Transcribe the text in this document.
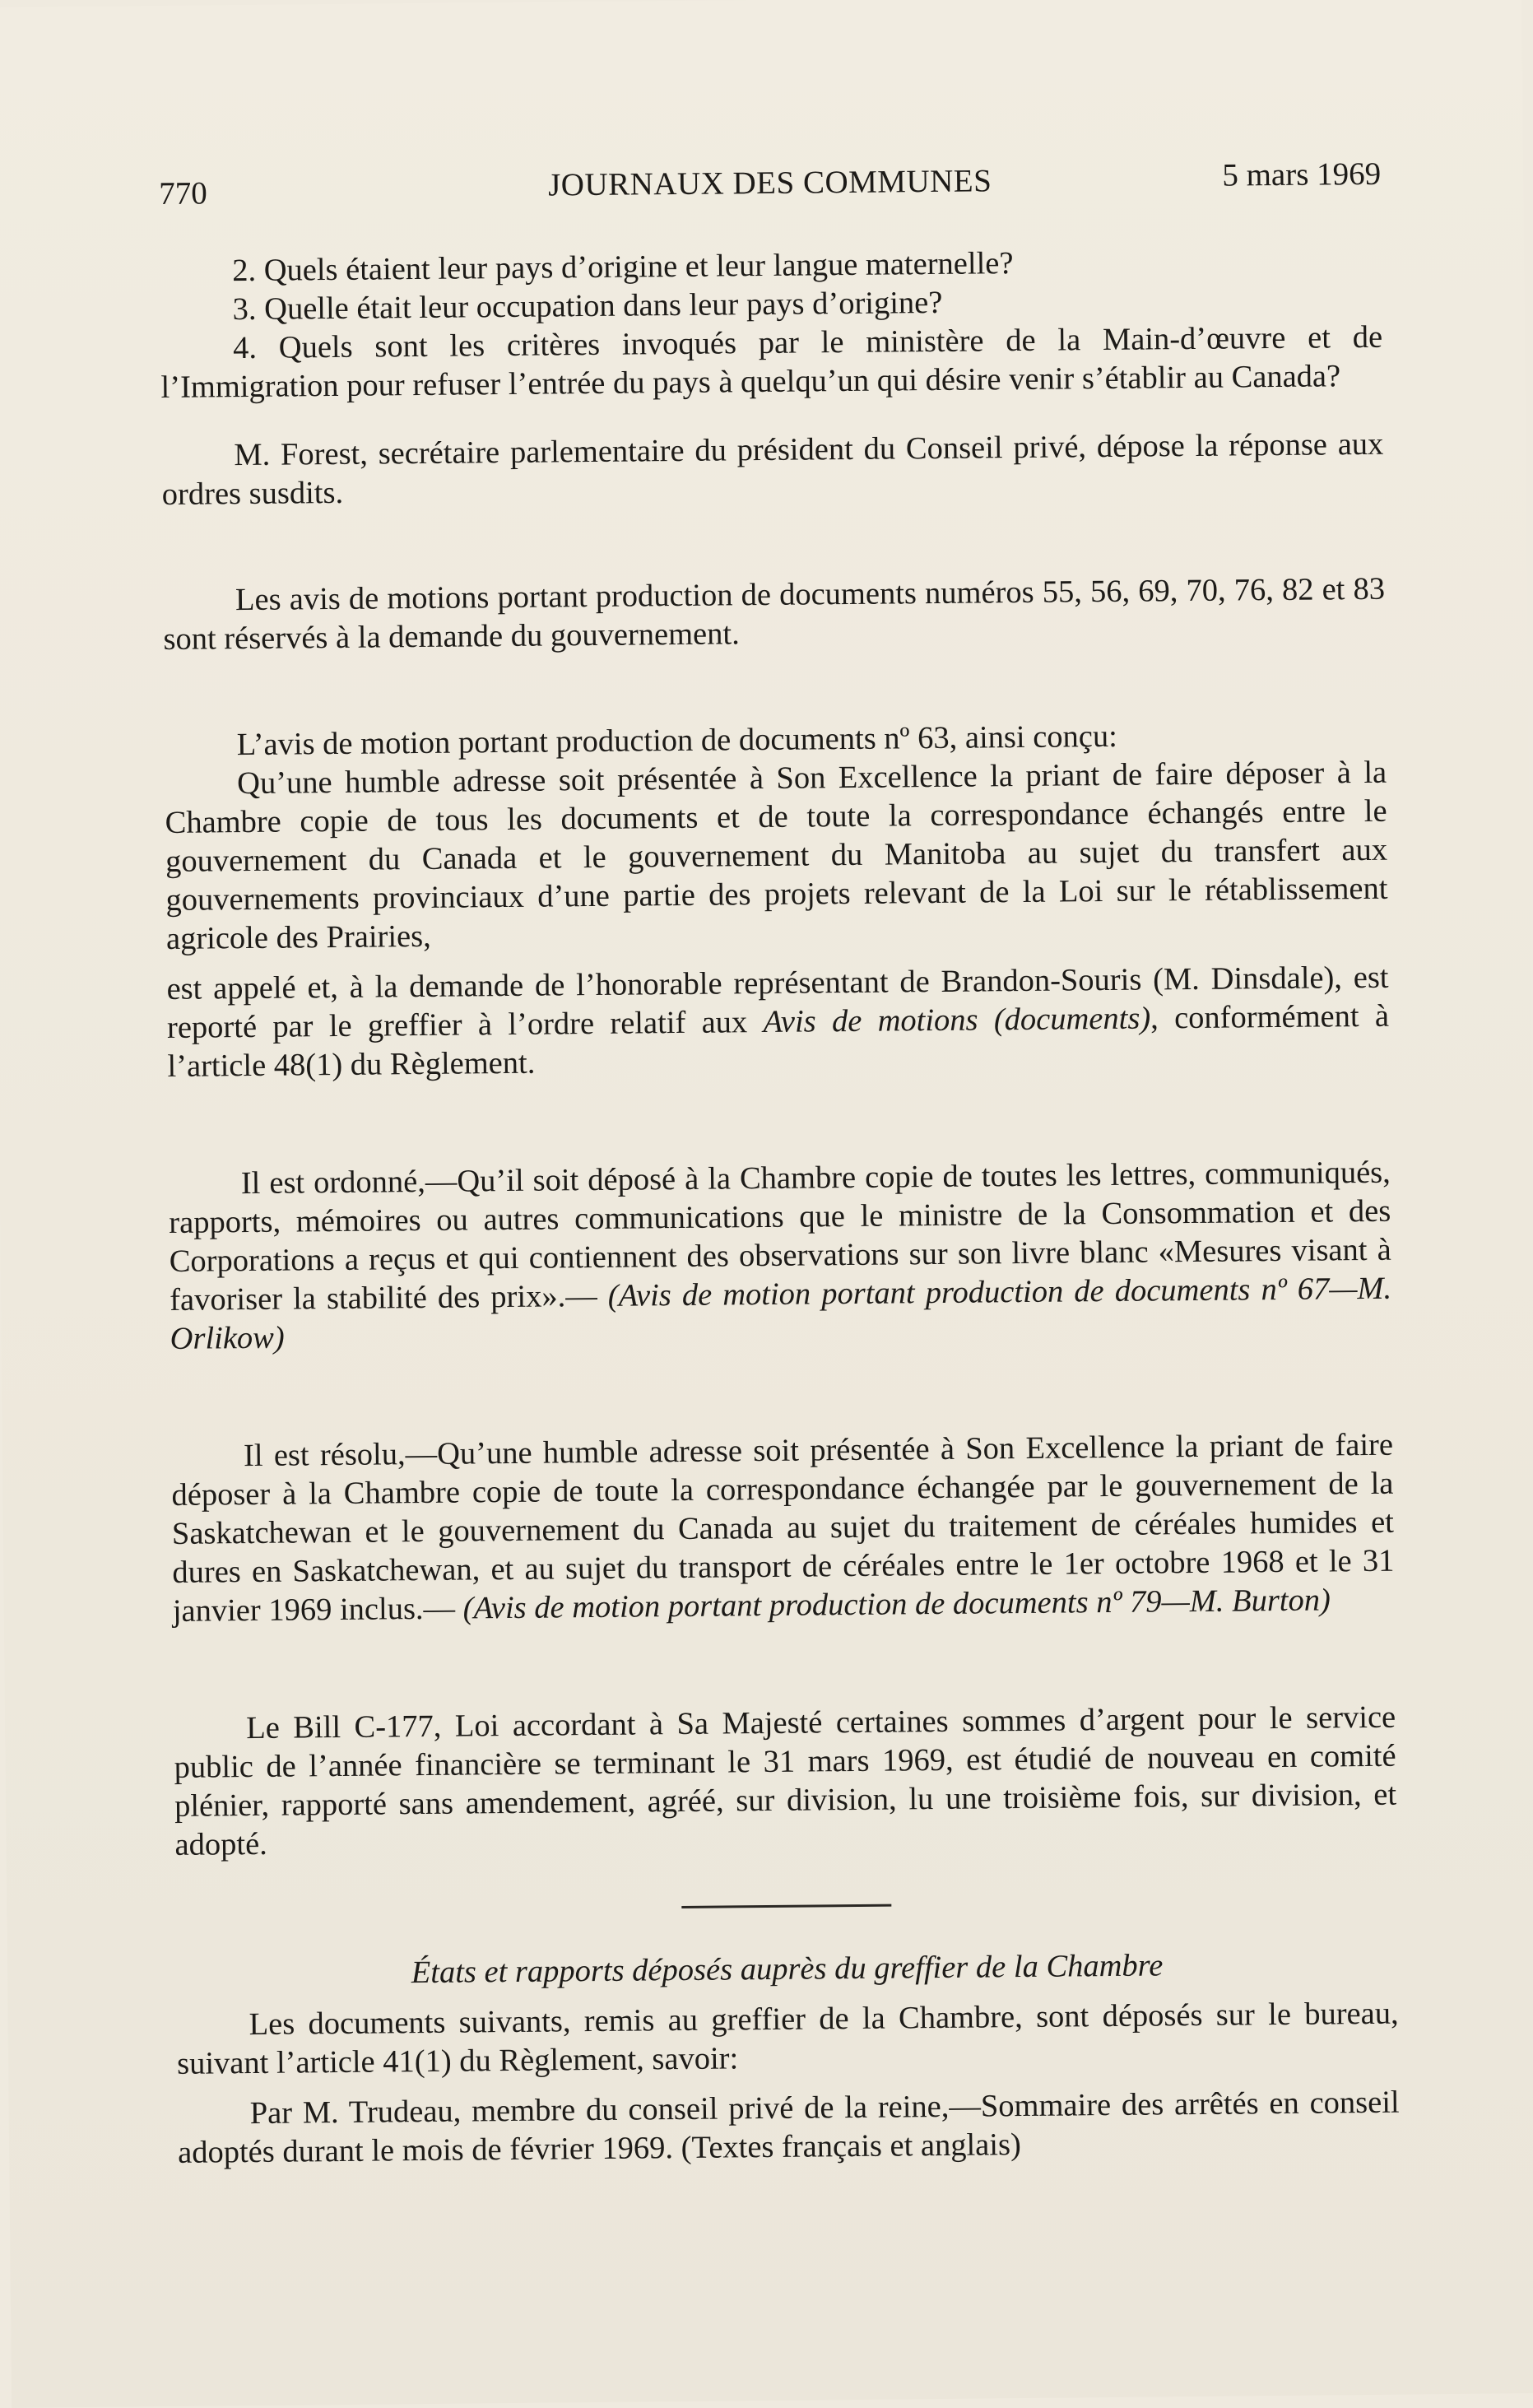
770	JOURNAUX DES COMMUNES	5 mars 1969

2. Quels étaient leur pays d’origine et leur langue maternelle?

3. Quelle était leur occupation dans leur pays d’origine?

4. Quels sont les critères invoqués par le ministère de la Main-d’œuvre et de l’Immigration pour refuser l’entrée du pays à quelqu’un qui désire venir s’établir au Canada?

M. Forest, secrétaire parlementaire du président du Conseil privé, dépose la réponse aux ordres susdits.

Les avis de motions portant production de documents numéros 55, 56, 69, 70, 76, 82 et 83 sont réservés à la demande du gouvernement.

L’avis de motion portant production de documents nº 63, ainsi conçu:

Qu’une humble adresse soit présentée à Son Excellence la priant de faire déposer à la Chambre copie de tous les documents et de toute la correspondance échangés entre le gouvernement du Canada et le gouvernement du Manitoba au sujet du transfert aux gouvernements provinciaux d’une partie des projets relevant de la Loi sur le rétablissement agricole des Prairies,

est appelé et, à la demande de l’honorable représentant de Brandon-Souris (M. Dinsdale), est reporté par le greffier à l’ordre relatif aux Avis de motions (documents), conformément à l’article 48(1) du Règlement.

Il est ordonné,—Qu’il soit déposé à la Chambre copie de toutes les lettres, communiqués, rapports, mémoires ou autres communications que le ministre de la Consommation et des Corporations a reçus et qui contiennent des observations sur son livre blanc «Mesures visant à favoriser la stabilité des prix».— (Avis de motion portant production de documents nº 67—M. Orlikow)

Il est résolu,—Qu’une humble adresse soit présentée à Son Excellence la priant de faire déposer à la Chambre copie de toute la correspondance échangée par le gouvernement de la Saskatchewan et le gouvernement du Canada au sujet du traitement de céréales humides et dures en Saskatchewan, et au sujet du transport de céréales entre le 1er octobre 1968 et le 31 janvier 1969 inclus.— (Avis de motion portant production de documents nº 79—M. Burton)

Le Bill C-177, Loi accordant à Sa Majesté certaines sommes d’argent pour le service public de l’année financière se terminant le 31 mars 1969, est étudié de nouveau en comité plénier, rapporté sans amendement, agréé, sur division, lu une troisième fois, sur division, et adopté.

États et rapports déposés auprès du greffier de la Chambre

Les documents suivants, remis au greffier de la Chambre, sont déposés sur le bureau, suivant l’article 41(1) du Règlement, savoir:

Par M. Trudeau, membre du conseil privé de la reine,—Sommaire des arrêtés en conseil adoptés durant le mois de février 1969. (Textes français et anglais)
